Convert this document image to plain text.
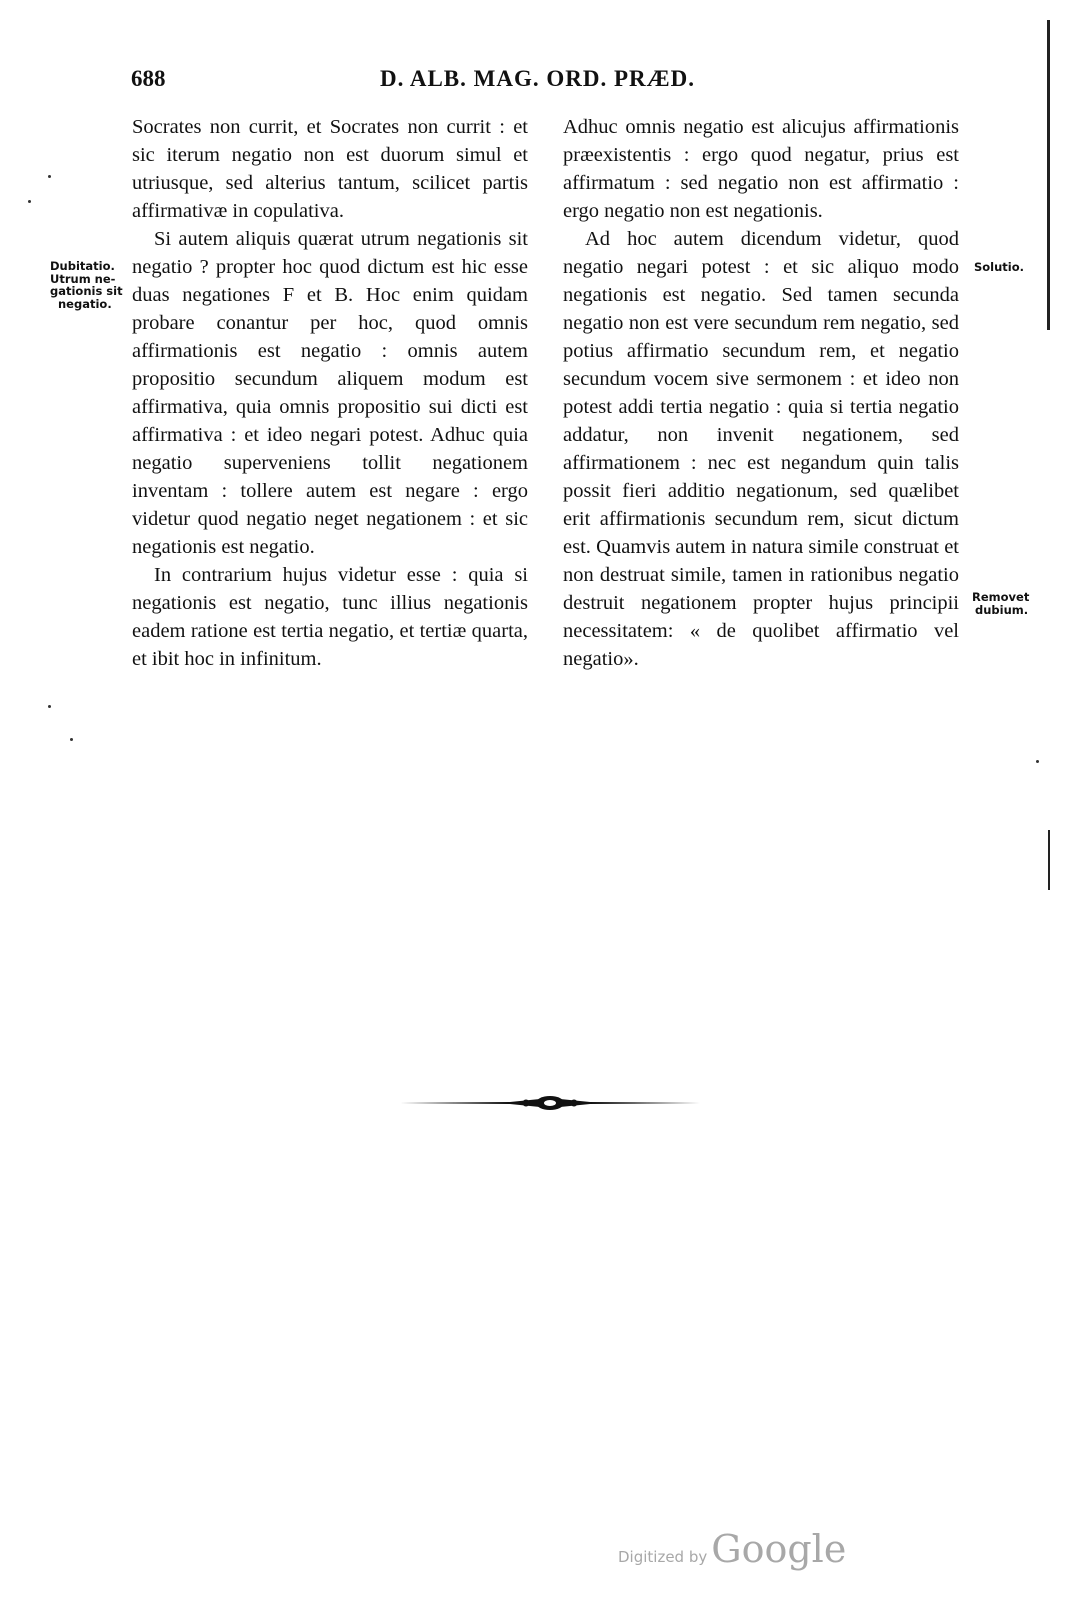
688	D. ALB. MAG. ORD. PRÆD.

Socrates non currit, et Socrates non currit : et sic iterum negatio non est duorum simul et utriusque, sed alterius tantum, scilicet partis affirmativæ in copulativa.

Si autem aliquis quærat utrum negationis sit negatio ? propter hoc quod dictum est hic esse duas negationes F et B. Hoc enim quidam probare conantur per hoc, quod omnis affirmationis est negatio : omnis autem propositio secundum aliquem modum est affirmativa, quia omnis propositio sui dicti est affirmativa : et ideo negari potest. Adhuc quia negatio superveniens tollit negationem inventam : tollere autem est negare : ergo videtur quod negatio neget negationem : et sic negationis est negatio.

In contrarium hujus videtur esse : quia si negationis est negatio, tunc illius negationis eadem ratione est tertia negatio, et tertiæ quarta, et ibit hoc in infinitum.

Adhuc omnis negatio est alicujus affirmationis præexistentis : ergo quod negatur, prius est affirmatum : sed negatio non est affirmatio : ergo negatio non est negationis.

Ad hoc autem dicendum videtur, quod negatio negari potest : et sic aliquo modo negationis est negatio. Sed tamen secunda negatio non est vere secundum rem negatio, sed potius affirmatio secundum rem, et negatio secundum vocem sive sermonem : et ideo non potest addi tertia negatio : quia si tertia negatio addatur, non invenit negationem, sed affirmationem : nec est negandum quin talis possit fieri additio negationum, sed quælibet erit affirmationis secundum rem, sicut dictum est. Quamvis autem in natura simile construat et non destruat simile, tamen in rationibus negatio destruit negationem propter hujus principii necessitatem: « de quolibet affirmatio vel negatio».

Dubitatio.
Utrum ne-
gationis sit
negatio.
Solutio.
Removet
dubium.
Digitized by Google
